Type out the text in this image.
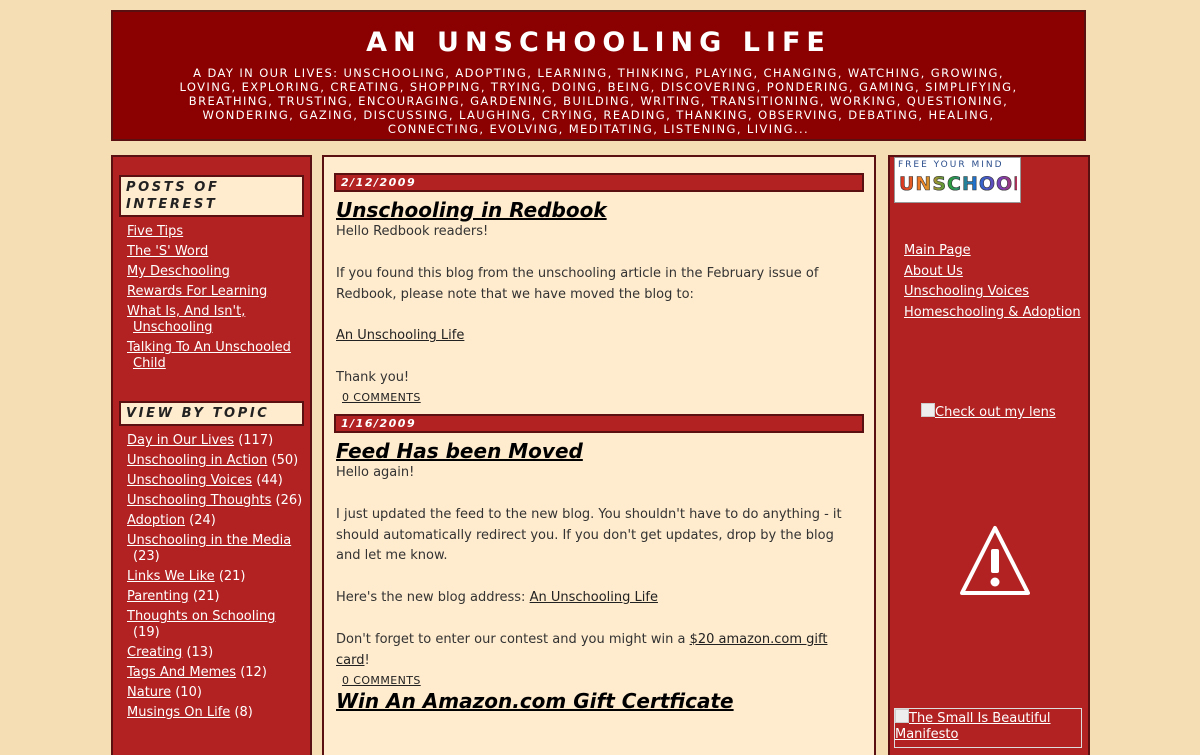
AN UNSCHOOLING LIFE
A DAY IN OUR LIVES: UNSCHOOLING, ADOPTING, LEARNING, THINKING, PLAYING, CHANGING, WATCHING, GROWING, LOVING, EXPLORING, CREATING, SHOPPING, TRYING, DOING, BEING, DISCOVERING, PONDERING, GAMING, SIMPLIFYING, BREATHING, TRUSTING, ENCOURAGING, GARDENING, BUILDING, WRITING, TRANSITIONING, WORKING, QUESTIONING, WONDERING, GAZING, DISCUSSING, LAUGHING, CRYING, READING, THANKING, OBSERVING, DEBATING, HEALING, CONNECTING, EVOLVING, MEDITATING, LISTENING, LIVING...
POSTS OF INTEREST
Five Tips
The 'S' Word
My Deschooling
Rewards For Learning
What Is, And Isn't, Unschooling
Talking To An Unschooled Child
VIEW BY TOPIC
Day in Our Lives (117)
Unschooling in Action (50)
Unschooling Voices (44)
Unschooling Thoughts (26)
Adoption (24)
Unschooling in the Media (23)
Links We Like (21)
Parenting (21)
Thoughts on Schooling (19)
Creating (13)
Tags And Memes (12)
Nature (10)
Musings On Life (8)
2/12/2009
Unschooling in Redbook

Hello Redbook readers!

If you found this blog from the unschooling article in the February issue of Redbook, please note that we have moved the blog to:

An Unschooling Life

Thank you!

0 COMMENTS
1/16/2009
Feed Has been Moved

Hello again!

I just updated the feed to the new blog. You shouldn't have to do anything - it should automatically redirect you. If you don't get updates, drop by the blog and let me know.

Here's the new blog address: An Unschooling Life

Don't forget to enter our contest and you might win a $20 amazon.com gift card!

0 COMMENTS
Win An Amazon.com Gift Certficate
FREE YOUR MIND
UNSCHOOL
Main Page
About Us
Unschooling Voices
Homeschooling & Adoption
Check out my lens
The Small Is Beautiful Manifesto
